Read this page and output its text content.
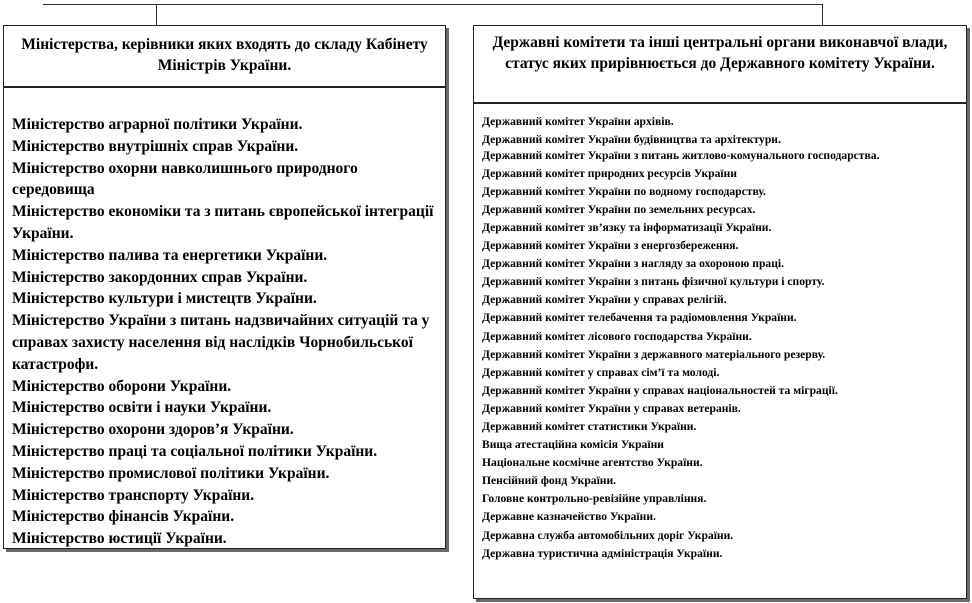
Міністерства, керівники яких входять до складу Кабінету Міністрів України.
Міністерство аграрної політики України.
Міністерство внутрішніх справ України.
Міністерство охорни навколишнього природного середовища
Міністерство економіки та з питань європейської інтеграції України.
Міністерство палива та енергетики України.
Міністерство закордонних справ України.
Міністерство культури і мистецтв України.
Міністерство України з питань надзвичайних ситуацій та у справах захисту населення від наслідків Чорнобильської катастрофи.
Міністерство оборони України.
Міністерство освіти і науки України.
Міністерство охорони здоров’я України.
Міністерство праці та соціальної політики України.
Міністерство промислової політики України.
Міністерство транспорту України.
Міністерство фінансів України.
Міністерство юстиції України.
Державні комітети та інші центральні органи виконавчої влади, статус яких прирівнюється до Державного комітету України.
Державний комітет України архівів.
Державний комітет України будівництва та архітектури.
Державний комітет України з питань житлово-комунального господарства.
Державний комітет природних ресурсів України
Державний комітет України по водному господарству.
Державний комітет України по земельних ресурсах.
Державний комітет зв’язку та інформатизації України.
Державний комітет України з енергозбереження.
Державний комітет України з нагляду за охороною праці.
Державний комітет України з питань фізичної культури і спорту.
Державний комітет України у справах релігій.
Державний комітет телебачення та радіомовлення України.
Державний комітет лісового господарства України.
Державний комітет України з державного матеріального резерву.
Державний комітет у справах сім’ї та молоді.
Державний комітет України у справах національностей та міграції.
Державний комітет України у справах ветеранів.
Державний комітет статистики України.
Вища атестаційна комісія України
Національне космічне агентство України.
Пенсійний фонд України.
Головне контрольно-ревізійне управління.
Державне казначейство України.
Державна служба автомобільних доріг України.
Державна туристична адміністрація України.
